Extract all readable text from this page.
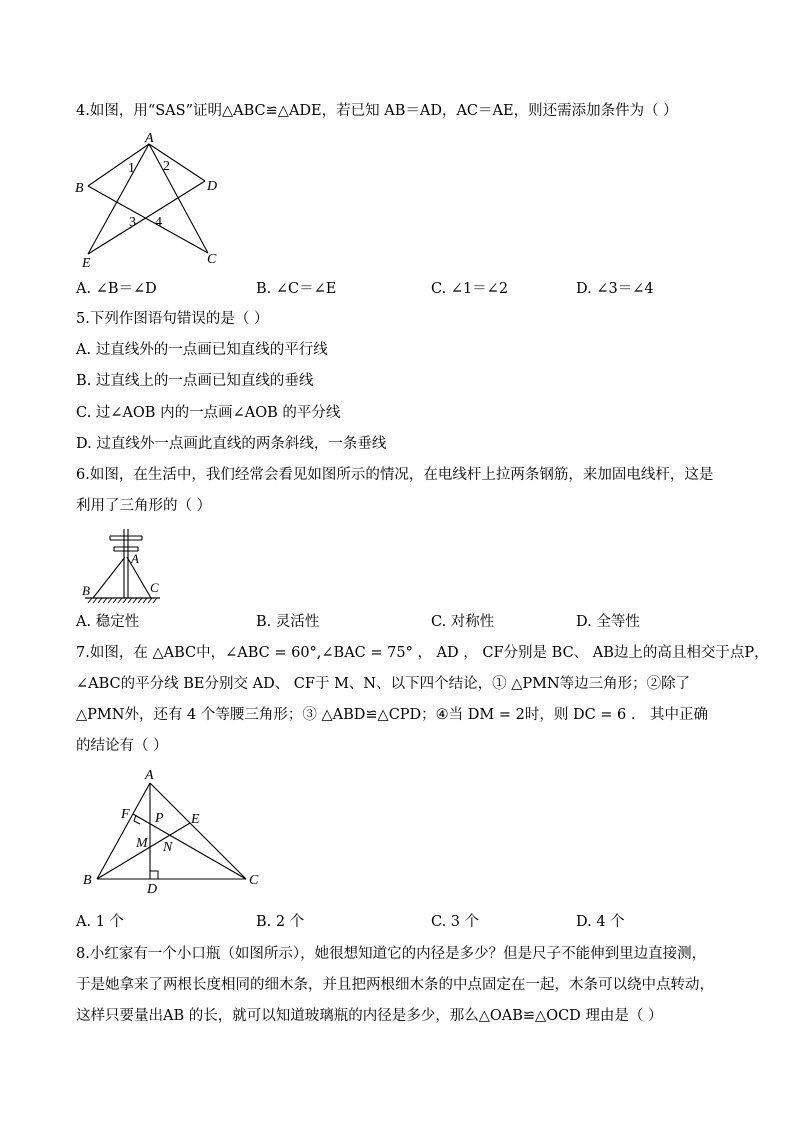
4.如图，用“SAS”证明△ABC≌△ADE，若已知 AB＝AD，AC＝AE，则还需添加条件为（ ）
A
B	D
E	C
1 2
3 4
A. ∠B＝∠D	B. ∠C＝∠E	C. ∠1＝∠2	D. ∠3＝∠4
5.下列作图语句错误的是（ ）
A. 过直线外的一点画已知直线的平行线
B. 过直线上的一点画已知直线的垂线
C. 过∠AOB 内的一点画∠AOB 的平分线
D. 过直线外一点画此直线的两条斜线，一条垂线
6.如图，在生活中，我们经常会看见如图所示的情况，在电线杆上拉两条钢筋，来加固电线杆，这是
利用了三角形的（ ）
A
B	C
A. 稳定性	B. 灵活性	C. 对称性	D. 全等性
7.如图，在 △ABC中，∠ABC = 60°,∠BAC = 75° ， AD ， CF分别是 BC、 AB边上的高且相交于点P，
∠ABC的平分线 BE分别交 AD、 CF于 M、N、以下四个结论，① △PMN等边三角形；②除了
△PMN外，还有 4 个等腰三角形；③ △ABD≌△CPD；④当 DM = 2时，则 DC = 6 ． 其中正确
的结论有（ ）
A
F P E
M N
B
D
C
A. 1 个	B. 2 个	C. 3 个	D. 4 个
8.小红家有一个小口瓶（如图所示），她很想知道它的内径是多少？但是尺子不能伸到里边直接测，
于是她拿来了两根长度相同的细木条，并且把两根细木条的中点固定在一起，木条可以绕中点转动，
这样只要量出AB 的长，就可以知道玻璃瓶的内径是多少，那么△OAB≌△OCD 理由是（ ）
